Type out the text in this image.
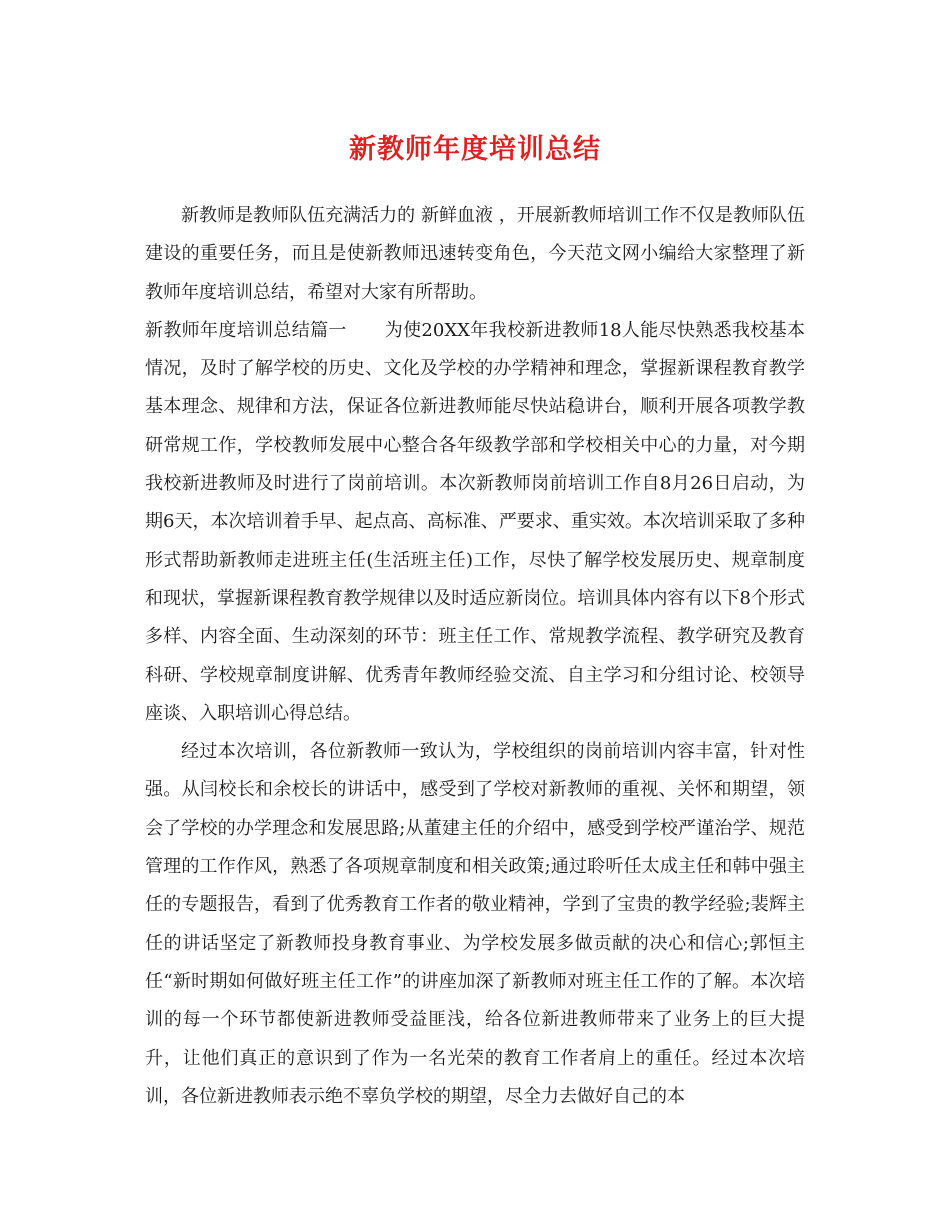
新教师年度培训总结

新教师是教师队伍充满活力的 新鲜血液 ，开展新教师培训工作不仅是教师队伍建设的重要任务，而且是使新教师迅速转变角色，今天范文网小编给大家整理了新教师年度培训总结，希望对大家有所帮助。

新教师年度培训总结篇一 为使20XX年我校新进教师18人能尽快熟悉我校基本情况，及时了解学校的历史、文化及学校的办学精神和理念，掌握新课程教育教学基本理念、规律和方法，保证各位新进教师能尽快站稳讲台，顺利开展各项教学教研常规工作，学校教师发展中心整合各年级教学部和学校相关中心的力量，对今期我校新进教师及时进行了岗前培训。本次新教师岗前培训工作自8月26日启动，为期6天，本次培训着手早、起点高、高标准、严要求、重实效。本次培训采取了多种形式帮助新教师走进班主任(生活班主任)工作，尽快了解学校发展历史、规章制度和现状，掌握新课程教育教学规律以及时适应新岗位。培训具体内容有以下8个形式多样、内容全面、生动深刻的环节：班主任工作、常规教学流程、教学研究及教育科研、学校规章制度讲解、优秀青年教师经验交流、自主学习和分组讨论、校领导座谈、入职培训心得总结。

经过本次培训，各位新教师一致认为，学校组织的岗前培训内容丰富，针对性强。从闫校长和余校长的讲话中，感受到了学校对新教师的重视、关怀和期望，领会了学校的办学理念和发展思路;从董建主任的介绍中，感受到学校严谨治学、规范管理的工作作风，熟悉了各项规章制度和相关政策;通过聆听任太成主任和韩中强主任的专题报告，看到了优秀教育工作者的敬业精神，学到了宝贵的教学经验;裴辉主任的讲话坚定了新教师投身教育事业、为学校发展多做贡献的决心和信心;郭恒主任“新时期如何做好班主任工作”的讲座加深了新教师对班主任工作的了解。本次培训的每一个环节都使新进教师受益匪浅，给各位新进教师带来了业务上的巨大提升，让他们真正的意识到了作为一名光荣的教育工作者肩上的重任。经过本次培训，各位新进教师表示绝不辜负学校的期望，尽全力去做好自己的本
